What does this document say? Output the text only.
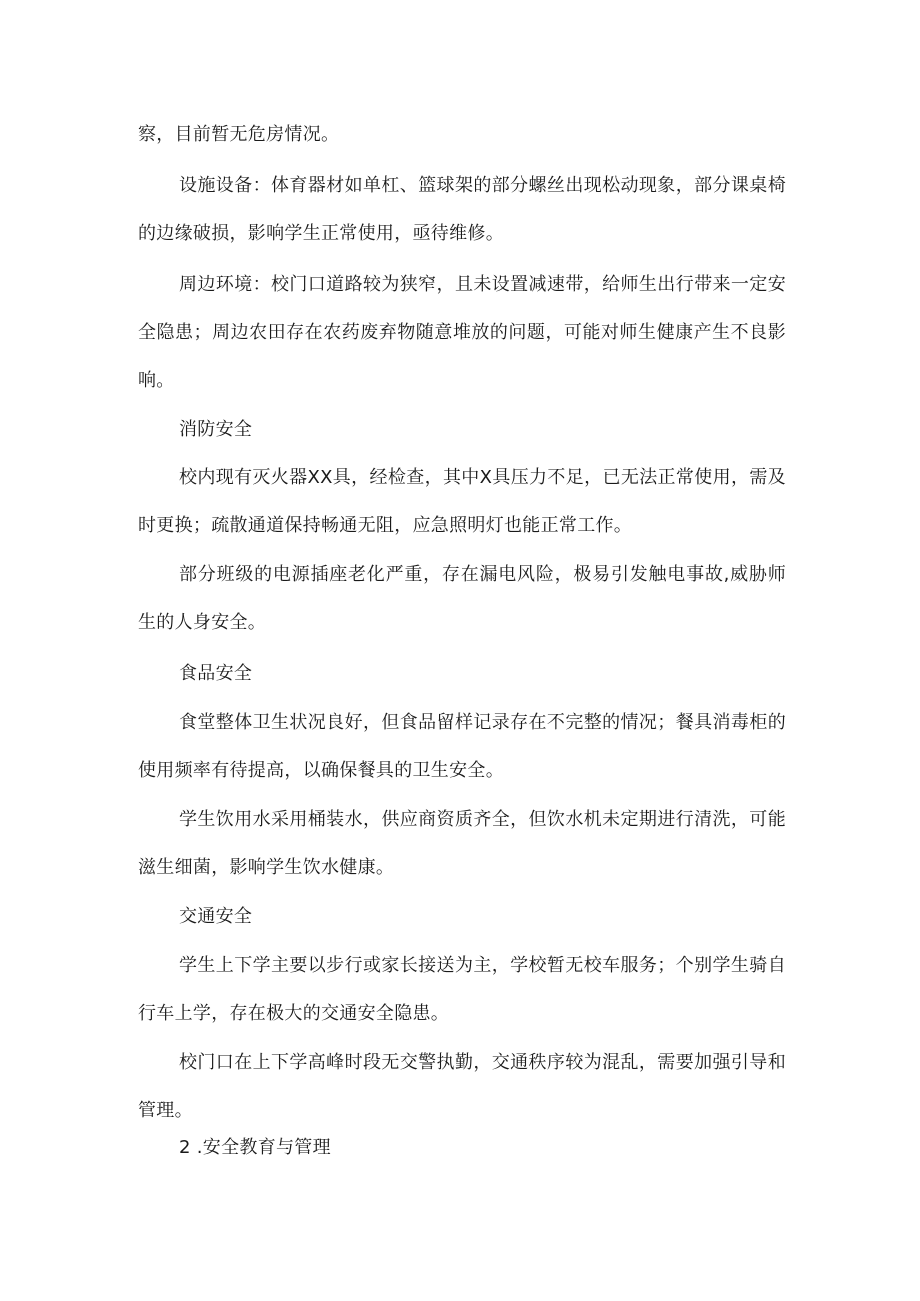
察，目前暂无危房情况。

设施设备：体育器材如单杠、篮球架的部分螺丝出现松动现象，部分课桌椅的边缘破损，影响学生正常使用，亟待维修。

周边环境：校门口道路较为狭窄，且未设置减速带，给师生出行带来一定安全隐患；周边农田存在农药废弃物随意堆放的问题，可能对师生健康产生不良影响。

消防安全

校内现有灭火器XX具，经检查，其中X具压力不足，已无法正常使用，需及时更换；疏散通道保持畅通无阻，应急照明灯也能正常工作。

部分班级的电源插座老化严重，存在漏电风险，极易引发触电事故,威胁师生的人身安全。

食品安全

食堂整体卫生状况良好，但食品留样记录存在不完整的情况；餐具消毒柜的使用频率有待提高，以确保餐具的卫生安全。

学生饮用水采用桶装水，供应商资质齐全，但饮水机未定期进行清洗，可能滋生细菌，影响学生饮水健康。

交通安全

学生上下学主要以步行或家长接送为主，学校暂无校车服务；个别学生骑自行车上学，存在极大的交通安全隐患。

校门口在上下学高峰时段无交警执勤，交通秩序较为混乱，需要加强引导和管理。

2 .安全教育与管理
